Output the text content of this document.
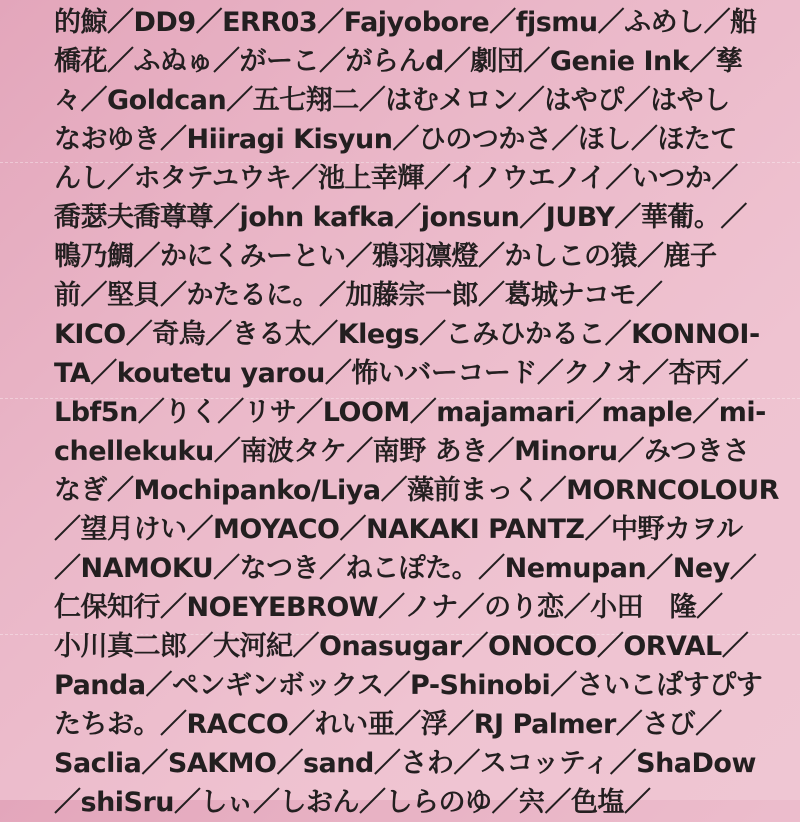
的鯨／DD9／ERR03／Fajyobore／fjsmu／ふめし／船
橋花／ふぬゅ／がーこ／がらんd／劇団／Genie Ink／孳
々／Goldcan／五七翔二／はむメロン／はやぴ／はやし
なおゆき／Hiiragi Kisyun／ひのつかさ／ほし／ほたて
んし／ホタテユウキ／池上幸輝／イノウエノイ／いつか／
喬瑟夫喬尊尊／john kafka／jonsun／JUBY／華葡。／
鴨乃鯛／かにくみーとい／鴉羽凛燈／かしこの猿／鹿子
前／堅貝／かたるに。／加藤宗一郎／葛城ナコモ／
KICO／奇烏／きる太／Klegs／こみひかるこ／KONNOI-
TA／koutetu yarou／怖いバーコード／クノオ／杏丙／
Lbf5n／りく／リサ／LOOM／majamari／maple／mi-
chellekuku／南波タケ／南野 あき／Minoru／みつきさ
なぎ／Mochipanko/Liya／藻前まっく／MORNCOLOUR
／望月けい／MOYACO／NAKAKI PANTZ／中野カヲル
／NAMOKU／なつき／ねこぽた。／Nemupan／Ney／
仁保知行／NOEYEBROW／ノナ／のり恋／小田　隆／
小川真二郎／大河紀／Onasugar／ONOCO／ORVAL／
Panda／ペンギンボックス／P-Shinobi／さいこぱすぴす
たちお。／RACCO／れい亜／浮／RJ Palmer／さび／
Saclia／SAKMO／sand／さわ／スコッティ／ShaDow
／shiSru／しぃ／しおん／しらのゆ／宍／色塩／
